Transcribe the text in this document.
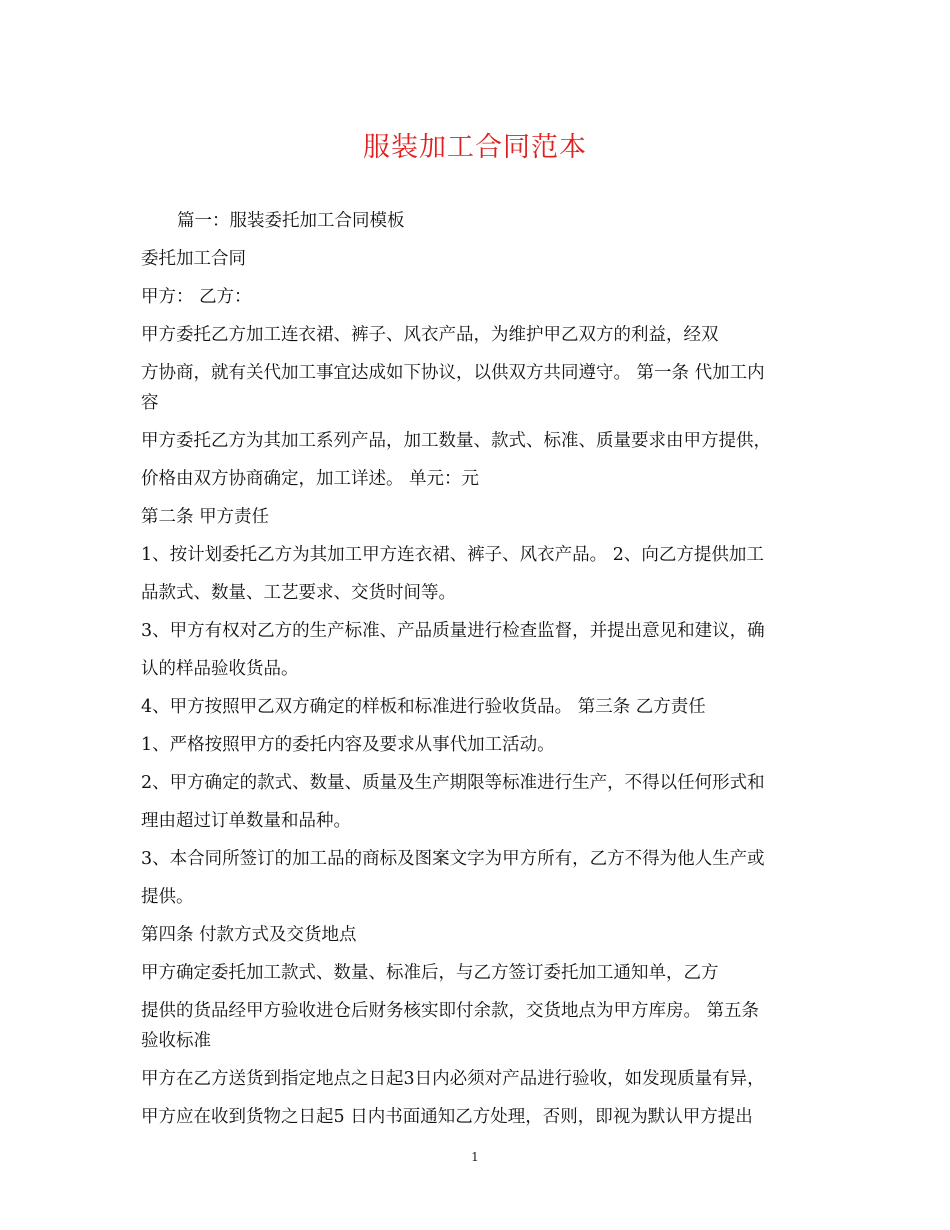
服装加工合同范本
篇一：服装委托加工合同模板
委托加工合同
甲方： 乙方：
甲方委托乙方加工连衣裙、裤子、风衣产品，为维护甲乙双方的利益，经双
方协商，就有关代加工事宜达成如下协议，以供双方共同遵守。 第一条 代加工内
容
甲方委托乙方为其加工系列产品，加工数量、款式、标准、质量要求由甲方提供，
价格由双方协商确定，加工详述。 单元：元
第二条 甲方责任
1、按计划委托乙方为其加工甲方连衣裙、裤子、风衣产品。 2、向乙方提供加工
品款式、数量、工艺要求、交货时间等。
3、甲方有权对乙方的生产标准、产品质量进行检查监督，并提出意见和建议，确
认的样品验收货品。
4、甲方按照甲乙双方确定的样板和标准进行验收货品。 第三条 乙方责任
1、严格按照甲方的委托内容及要求从事代加工活动。
2、甲方确定的款式、数量、质量及生产期限等标准进行生产，不得以任何形式和
理由超过订单数量和品种。
3、本合同所签订的加工品的商标及图案文字为甲方所有，乙方不得为他人生产或
提供。
第四条 付款方式及交货地点
甲方确定委托加工款式、数量、标准后，与乙方签订委托加工通知单，乙方
提供的货品经甲方验收进仓后财务核实即付余款，交货地点为甲方库房。 第五条
验收标准
甲方在乙方送货到指定地点之日起3日内必须对产品进行验收，如发现质量有异，
甲方应在收到货物之日起5 日内书面通知乙方处理，否则，即视为默认甲方提出
1
